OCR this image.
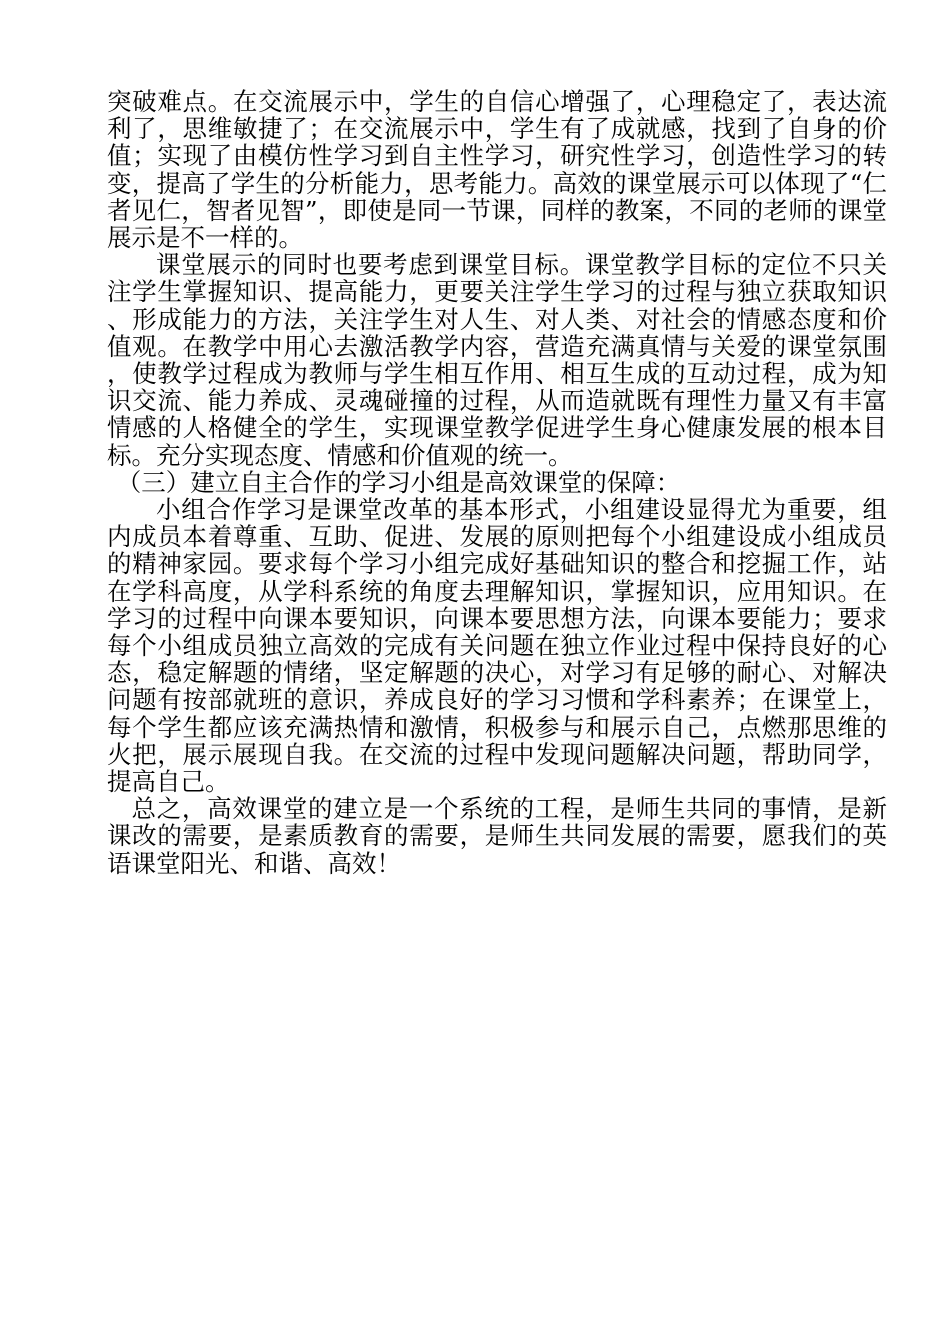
突破难点。在交流展示中，学生的自信心增强了，心理稳定了，表达流利了，思维敏捷了；在交流展示中，学生有了成就感，找到了自身的价值；实现了由模仿性学习到自主性学习，研究性学习，创造性学习的转变，提高了学生的分析能力，思考能力。高效的课堂展示可以体现了“仁者见仁，智者见智”，即使是同一节课，同样的教案，不同的老师的课堂展示是不一样的。

课堂展示的同时也要考虑到课堂目标。课堂教学目标的定位不只关注学生掌握知识、提高能力，更要关注学生学习的过程与独立获取知识、形成能力的方法，关注学生对人生、对人类、对社会的情感态度和价值观。在教学中用心去激活教学内容，营造充满真情与关爱的课堂氛围，使教学过程成为教师与学生相互作用、相互生成的互动过程，成为知识交流、能力养成、灵魂碰撞的过程，从而造就既有理性力量又有丰富情感的人格健全的学生，实现课堂教学促进学生身心健康发展的根本目标。充分实现态度、情感和价值观的统一。

（三）建立自主合作的学习小组是高效课堂的保障：

小组合作学习是课堂改革的基本形式，小组建设显得尤为重要，组内成员本着尊重、互助、促进、发展的原则把每个小组建设成小组成员的精神家园。要求每个学习小组完成好基础知识的整合和挖掘工作，站在学科高度，从学科系统的角度去理解知识，掌握知识，应用知识。在学习的过程中向课本要知识，向课本要思想方法，向课本要能力；要求每个小组成员独立高效的完成有关问题在独立作业过程中保持良好的心态，稳定解题的情绪，坚定解题的决心，对学习有足够的耐心、对解决问题有按部就班的意识，养成良好的学习习惯和学科素养；在课堂上，每个学生都应该充满热情和激情，积极参与和展示自己，点燃那思维的火把，展示展现自我。在交流的过程中发现问题解决问题，帮助同学，提高自己。

总之，高效课堂的建立是一个系统的工程，是师生共同的事情，是新课改的需要，是素质教育的需要，是师生共同发展的需要，愿我们的英语课堂阳光、和谐、高效！
